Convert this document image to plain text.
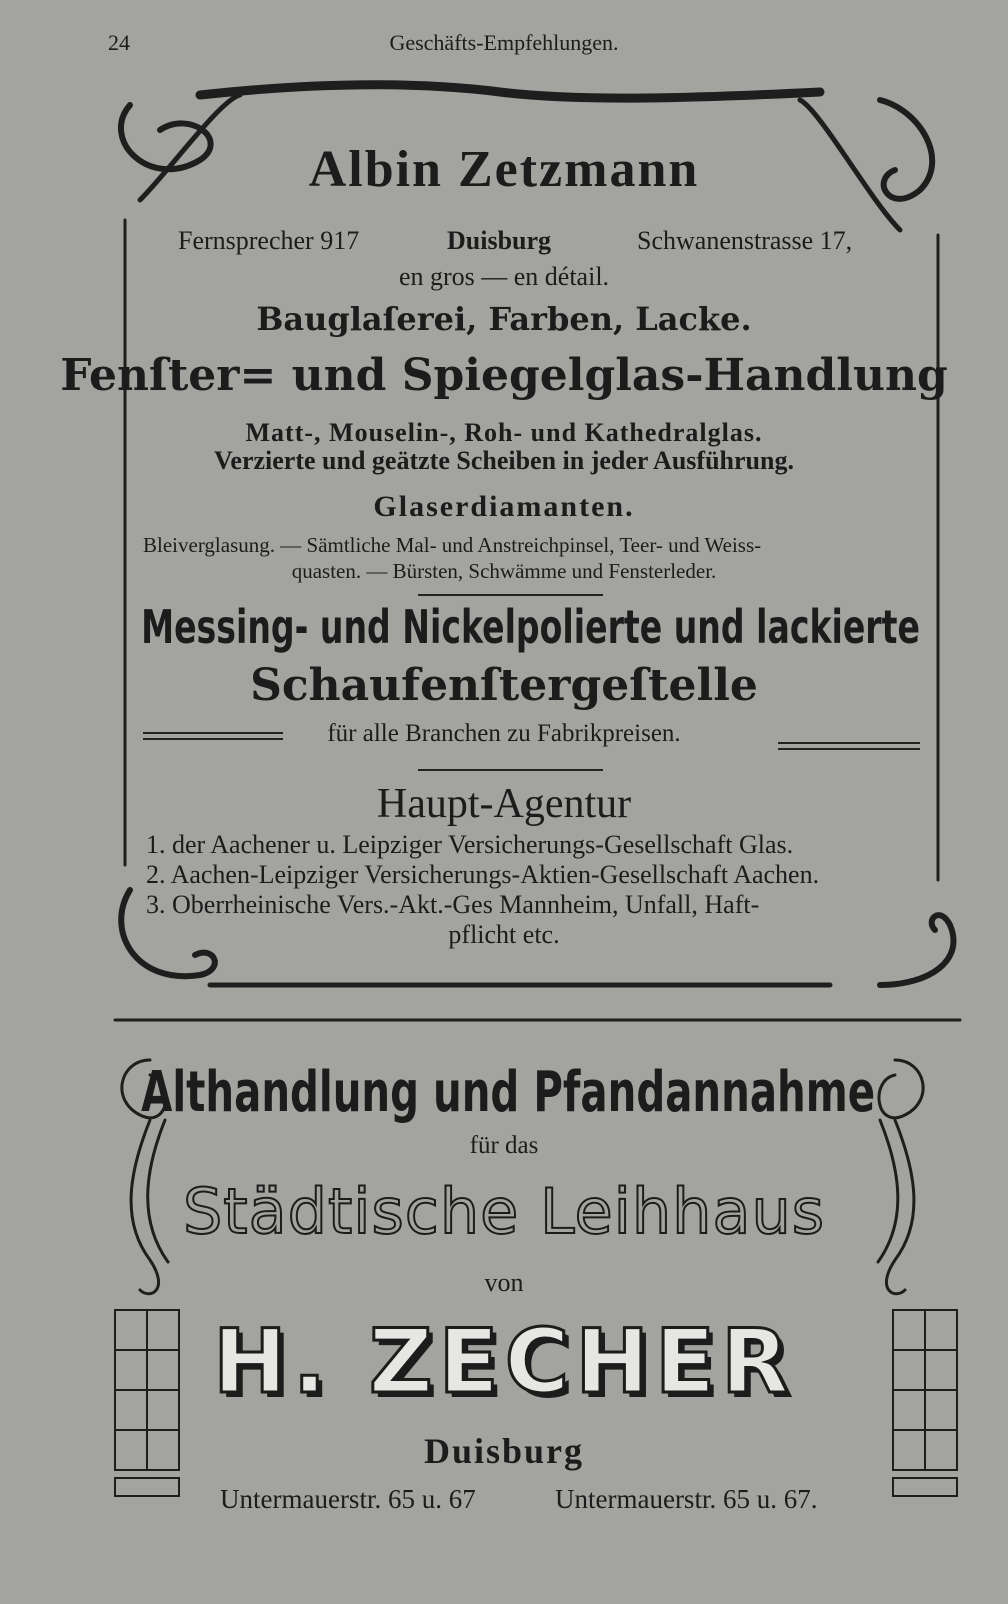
24	Geschäfts-Empfehlungen.
Albin Zetzmann
Fernsprecher 917	Duisburg	Schwanenstrasse 17,
en gros — en détail.
Bauglaſerei, Farben, Lacke.
Fenſter= und Spiegelglas-Handlung
Matt-, Mouselin-, Roh- und Kathedralglas.
Verzierte und geätzte Scheiben in jeder Ausführung.
Glaserdiamanten.
Bleiverglasung. — Sämtliche Mal- und Anstreichpinsel, Teer- und Weiss-
quasten. — Bürsten, Schwämme und Fensterleder.
Messing- und Nickelpolierte und lackierte
Schaufenſtergeſtelle
für alle Branchen zu Fabrikpreisen.
Haupt-Agentur
1. der Aachener u. Leipziger Versicherungs-Gesellschaft Glas.
2. Aachen-Leipziger Versicherungs-Aktien-Gesellschaft Aachen.
3. Oberrheinische Vers.-Akt.-Ges Mannheim, Unfall, Haft-
pflicht etc.
Althandlung und Pfandannahme
für das
Städtische Leihhaus
von
H. ZECHER
Duisburg
Untermauerstr. 65 u. 67	Untermauerstr. 65 u. 67.
